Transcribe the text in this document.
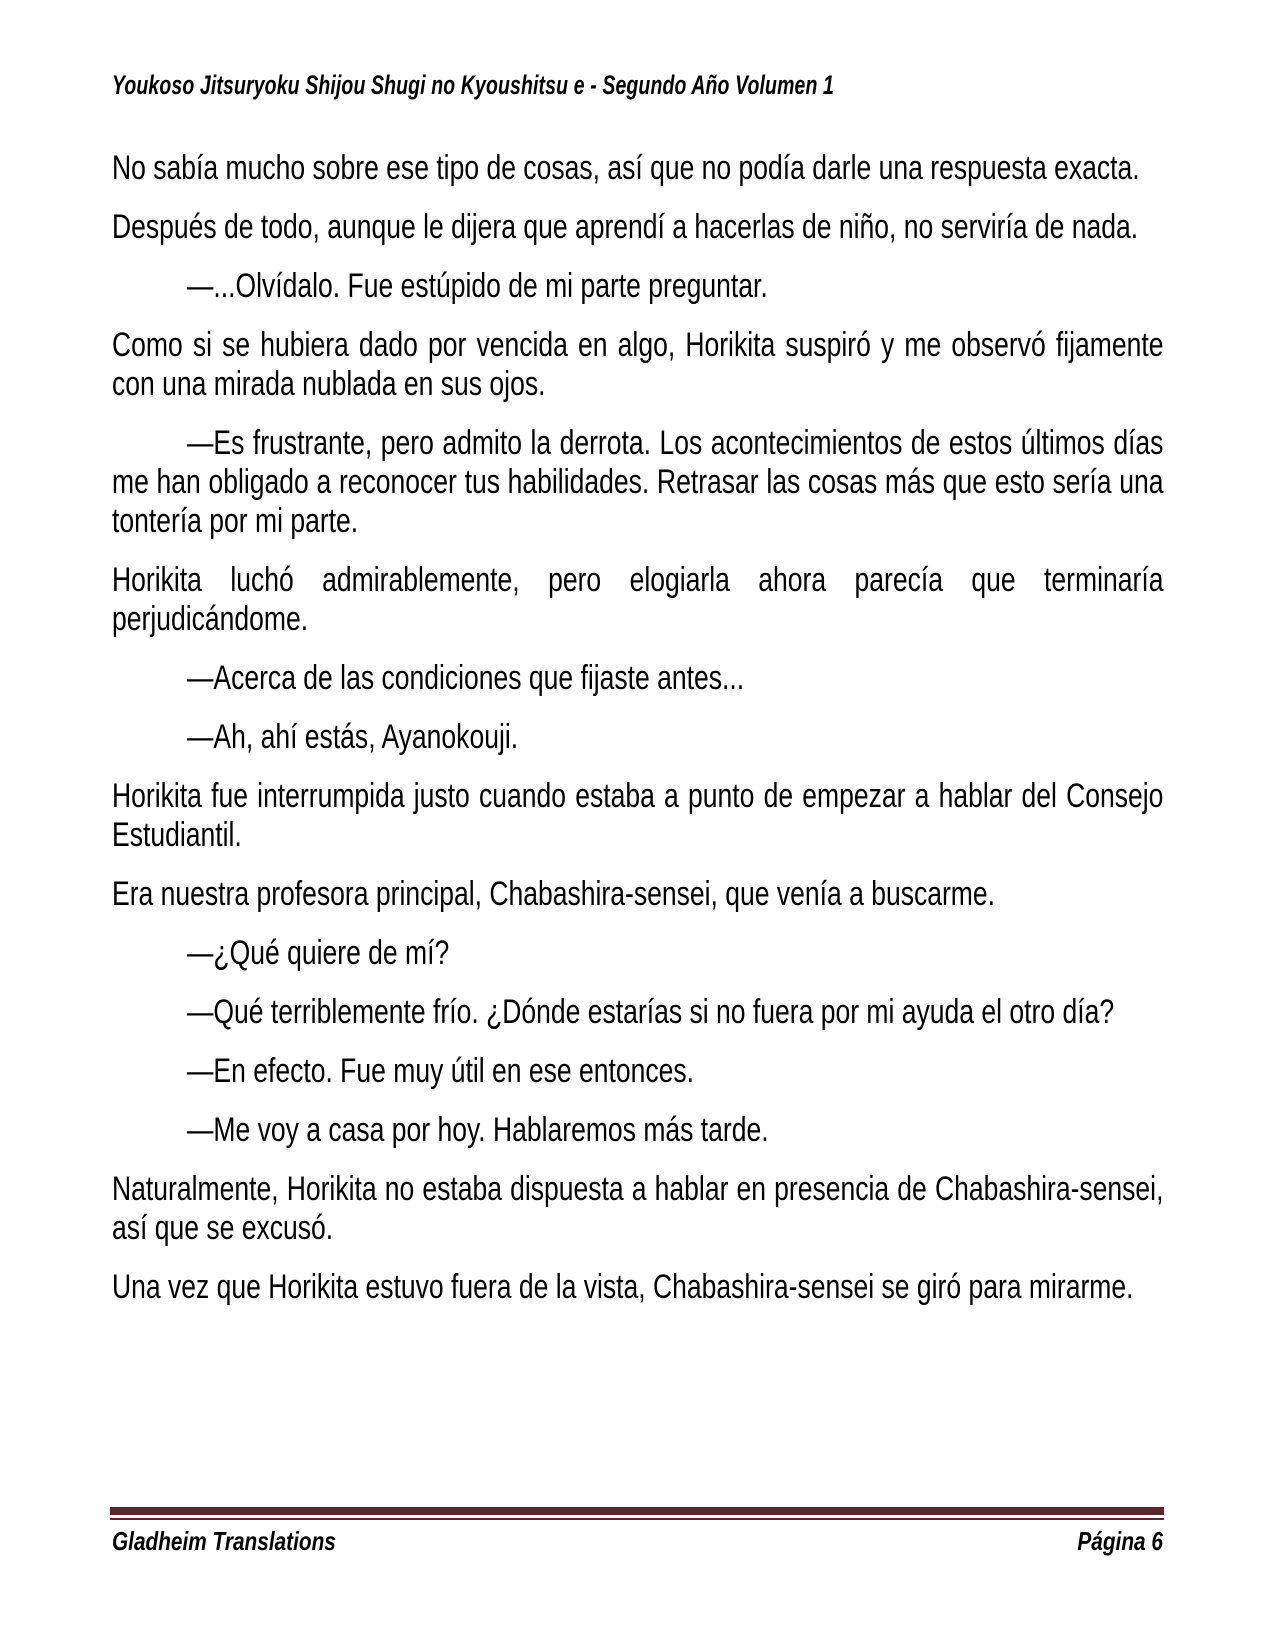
Youkoso Jitsuryoku Shijou Shugi no Kyoushitsu e - Segundo Año Volumen 1

No sabía mucho sobre ese tipo de cosas, así que no podía darle una respuesta exacta.

Después de todo, aunque le dijera que aprendí a hacerlas de niño, no serviría de nada.

—...Olvídalo. Fue estúpido de mi parte preguntar.

Como si se hubiera dado por vencida en algo, Horikita suspiró y me observó fijamente con una mirada nublada en sus ojos.

—Es frustrante, pero admito la derrota. Los acontecimientos de estos últimos días me han obligado a reconocer tus habilidades. Retrasar las cosas más que esto sería una tontería por mi parte.

Horikita luchó admirablemente, pero elogiarla ahora parecía que terminaría perjudicándome.

—Acerca de las condiciones que fijaste antes...

—Ah, ahí estás, Ayanokouji.

Horikita fue interrumpida justo cuando estaba a punto de empezar a hablar del Consejo Estudiantil.

Era nuestra profesora principal, Chabashira-sensei, que venía a buscarme.

—¿Qué quiere de mí?

—Qué terriblemente frío. ¿Dónde estarías si no fuera por mi ayuda el otro día?

—En efecto. Fue muy útil en ese entonces.

—Me voy a casa por hoy. Hablaremos más tarde.

Naturalmente, Horikita no estaba dispuesta a hablar en presencia de Chabashira-sensei, así que se excusó.

Una vez que Horikita estuvo fuera de la vista, Chabashira-sensei se giró para mirarme.

Gladheim Translations	Página 6
